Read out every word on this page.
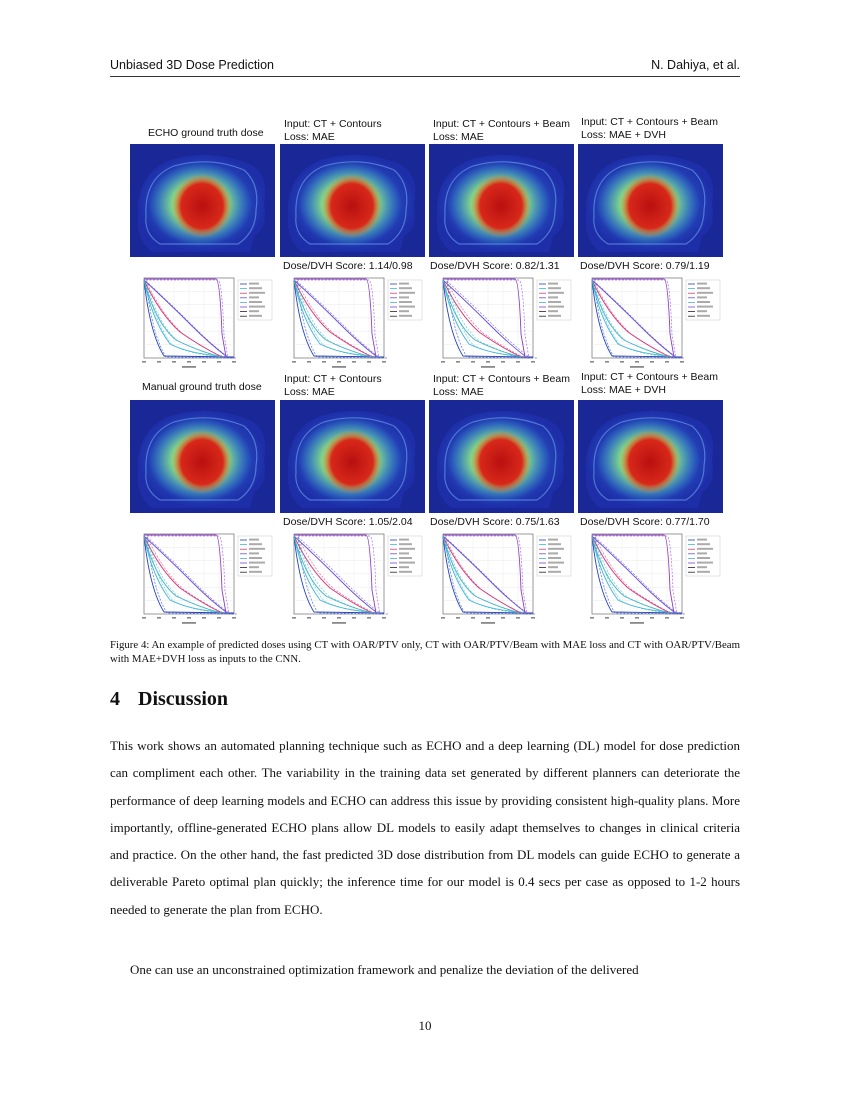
Unbiased 3D Dose Prediction	N. Dahiya, et al.
ECHO ground truth dose
Input: CT + Contours
Loss: MAE
Input: CT + Contours + Beam
Loss: MAE
Input: CT + Contours + Beam
Loss: MAE + DVH
Dose/DVH Score: 1.14/0.98 Dose/DVH Score: 0.82/1.31 Dose/DVH Score: 0.79/1.19
Manual ground truth dose
Input: CT + Contours
Loss: MAE
Input: CT + Contours + Beam
Loss: MAE
Input: CT + Contours + Beam
Loss: MAE + DVH
Dose/DVH Score: 1.05/2.04 Dose/DVH Score: 0.75/1.63 Dose/DVH Score: 0.77/1.70
Figure 4: An example of predicted doses using CT with OAR/PTV only, CT with OAR/PTV/Beam with MAE loss and CT with OAR/PTV/Beam with MAE+DVH loss as inputs to the CNN.
4 Discussion
This work shows an automated planning technique such as ECHO and a deep learning (DL) model for dose prediction can compliment each other. The variability in the training data set generated by different planners can deteriorate the performance of deep learning models and ECHO can address this issue by providing consistent high-quality plans. More importantly, offline-generated ECHO plans allow DL models to easily adapt themselves to changes in clinical criteria and practice. On the other hand, the fast predicted 3D dose distribution from DL models can guide ECHO to generate a deliverable Pareto optimal plan quickly; the inference time for our model is 0.4 secs per case as opposed to 1-2 hours needed to generate the plan from ECHO.
One can use an unconstrained optimization framework and penalize the deviation of the delivered
10
